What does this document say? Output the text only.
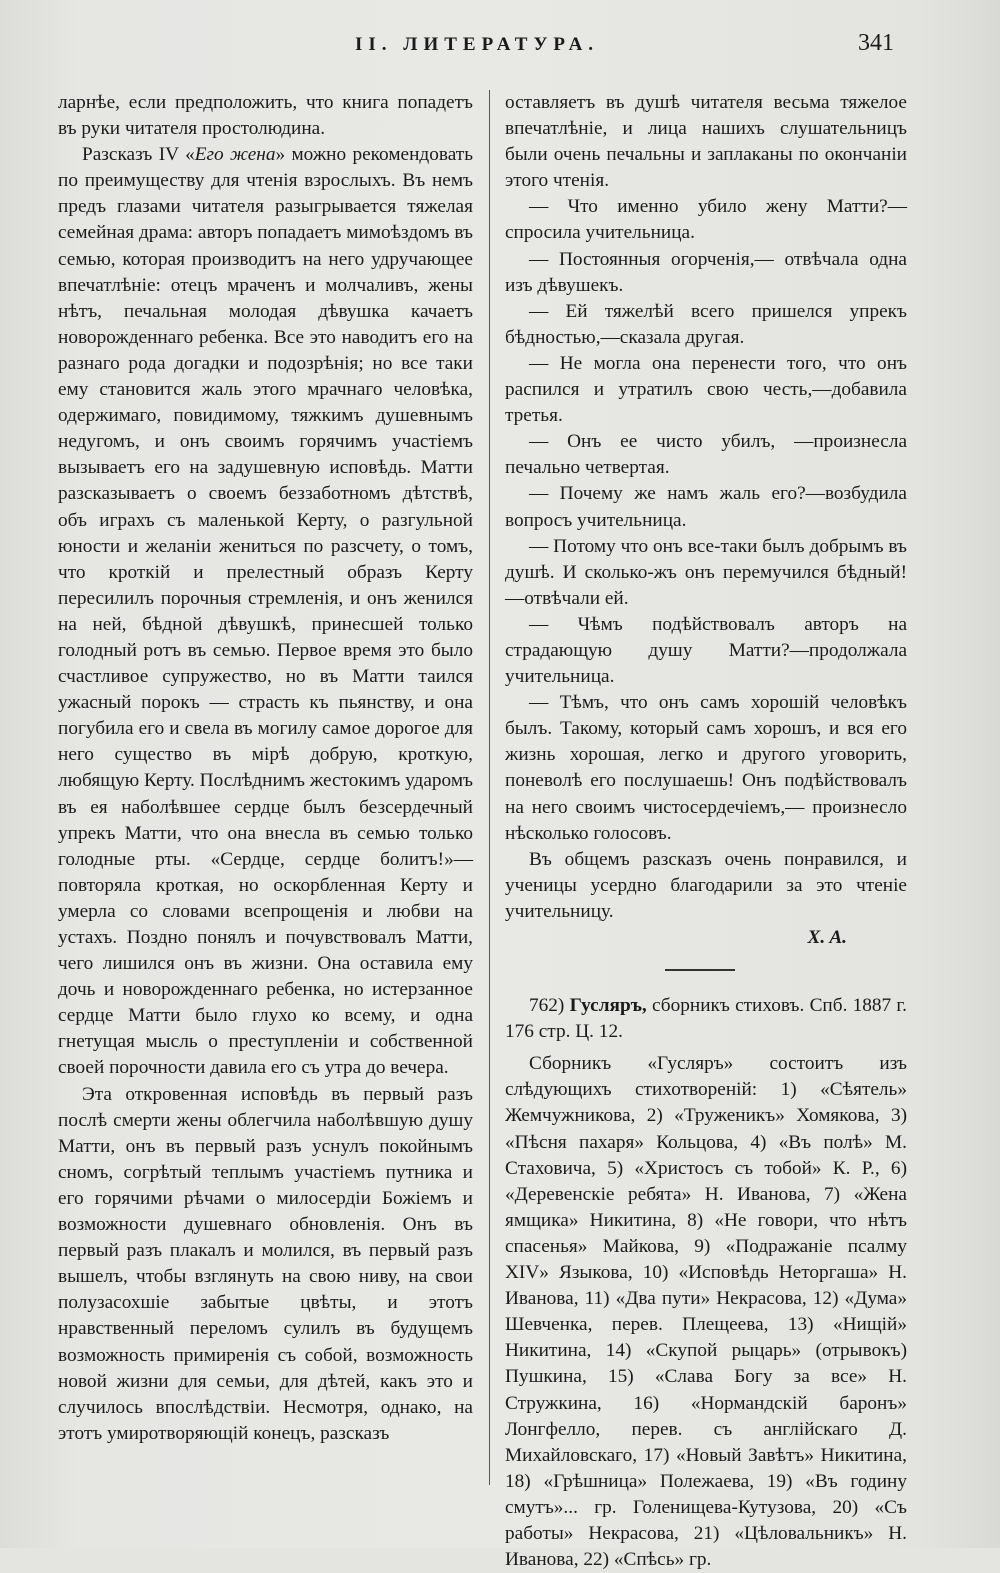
II. ЛИТЕРАТУРА.	341

ларнѣе, если предположить, что книга попадетъ въ руки читателя простолюдина.

Разсказъ IV «Его жена» можно рекомендовать по преимуществу для чтенія взрослыхъ. Въ немъ предъ глазами читателя разыгрывается тяжелая семейная драма: авторъ попадаетъ мимоѣздомъ въ семью, которая производитъ на него удручающее впечатлѣніе: отецъ мраченъ и молчаливъ, жены нѣтъ, печальная молодая дѣвушка качаетъ новорожденнаго ребенка. Все это наводитъ его на разнаго рода догадки и подозрѣнія; но все таки ему становится жаль этого мрачнаго человѣка, одержимаго, повидимому, тяжкимъ душевнымъ недугомъ, и онъ своимъ горячимъ участіемъ вызываетъ его на задушевную исповѣдь. Матти разсказываетъ о своемъ беззаботномъ дѣтствѣ, объ играхъ съ маленькой Керту, о разгульной юности и желаніи жениться по разсчету, о томъ, что кроткій и прелестный образъ Керту пересилилъ порочныя стремленія, и онъ женился на ней, бѣдной дѣвушкѣ, принесшей только голодный ротъ въ семью. Первое время это было счастливое супружество, но въ Матти таился ужасный порокъ — страсть къ пьянству, и она погубила его и свела въ могилу самое дорогое для него существо въ мірѣ добрую, кроткую, любящую Керту. Послѣднимъ жестокимъ ударомъ въ ея наболѣвшее сердце былъ безсердечный упрекъ Матти, что она внесла въ семью только голодные рты. «Сердце, сердце болитъ!»—повторяла кроткая, но оскорбленная Керту и умерла со словами всепрощенія и любви на устахъ. Поздно понялъ и почувствовалъ Матти, чего лишился онъ въ жизни. Она оставила ему дочь и новорожденнаго ребенка, но истерзанное сердце Матти было глухо ко всему, и одна гнетущая мысль о преступленіи и собственной своей порочности давила его съ утра до вечера.

Эта откровенная исповѣдь въ первый разъ послѣ смерти жены облегчила наболѣвшую душу Матти, онъ въ первый разъ уснулъ покойнымъ сномъ, согрѣтый теплымъ участіемъ путника и его горячими рѣчами о милосердіи Божіемъ и возможности душевнаго обновленія. Онъ въ первый разъ плакалъ и молился, въ первый разъ вышелъ, чтобы взглянуть на свою ниву, на свои полузасохшіе забытые цвѣты, и этотъ нравственный переломъ сулилъ въ будущемъ возможность примиренія съ собой, возможность новой жизни для семьи, для дѣтей, какъ это и случилось впослѣдствіи. Несмотря, однако, на этотъ умиротворяющій конецъ, разсказъ

оставляетъ въ душѣ читателя весьма тяжелое впечатлѣніе, и лица нашихъ слушательницъ были очень печальны и заплаканы по окончаніи этого чтенія.

— Что именно убило жену Матти?—спросила учительница.

— Постоянныя огорченія,— отвѣчала одна изъ дѣвушекъ.

— Ей тяжелѣй всего пришелся упрекъ бѣдностью,—сказала другая.

— Не могла она перенести того, что онъ распился и утратилъ свою честь,—добавила третья.

— Онъ ее чисто убилъ, —произнесла печально четвертая.

— Почему же намъ жаль его?—возбудила вопросъ учительница.

— Потому что онъ все-таки былъ добрымъ въ душѣ. И сколько-жъ онъ перемучился бѣдный!—отвѣчали ей.

— Чѣмъ подѣйствовалъ авторъ на страдающую душу Матти?—продолжала учительница.

— Тѣмъ, что онъ самъ хорошій человѣкъ былъ. Такому, который самъ хорошъ, и вся его жизнь хорошая, легко и другого уговорить, поневолѣ его послушаешь! Онъ подѣйствовалъ на него своимъ чистосердечіемъ,— произнесло нѣсколько голосовъ.

Въ общемъ разсказъ очень понравился, и ученицы усердно благодарили за это чтеніе учительницу.

X. A.

762) Гусляръ, сборникъ стиховъ. Спб. 1887 г. 176 стр. Ц. 12.

Сборникъ «Гусляръ» состоитъ изъ слѣдующихъ стихотвореній: 1) «Сѣятель» Жемчужникова, 2) «Труженикъ» Хомякова, 3) «Пѣсня пахаря» Кольцова, 4) «Въ полѣ» М. Стаховича, 5) «Христосъ съ тобой» К. Р., 6) «Деревенскіе ребята» Н. Иванова, 7) «Жена ямщика» Никитина, 8) «Не говори, что нѣтъ спасенья» Майкова, 9) «Подражаніе псалму XIV» Языкова, 10) «Исповѣдь Неторгаша» Н. Иванова, 11) «Два пути» Некрасова, 12) «Дума» Шевченка, перев. Плещеева, 13) «Нищій» Никитина, 14) «Скупой рыцарь» (отрывокъ) Пушкина, 15) «Слава Богу за все» Н. Стружкина, 16) «Нормандскій баронъ» Лонгфелло, перев. съ англійскаго Д. Михайловскаго, 17) «Новый Завѣтъ» Никитина, 18) «Грѣшница» Полежаева, 19) «Въ годину смутъ»... гр. Голенищева-Кутузова, 20) «Съ работы» Некрасова, 21) «Цѣловальникъ» Н. Иванова, 22) «Спѣсь» гр.
